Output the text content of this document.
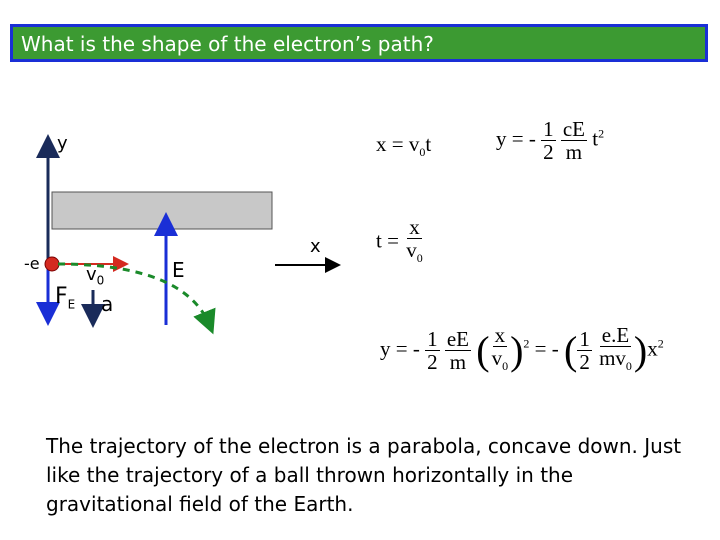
What is the shape of the electron’s path?
y
x
-e
$F_E$
$v_0$
a
E
$x = v_0t$	y = - $\frac{1}{2}$
$\frac{cE}{m} t^2$
$t = \frac{x}{v_0}$
y = - $\frac{1}{2}$
$\frac{eE}{m}$ ( $\frac{x}{v_0} )^2$ = - ( $\frac{1}{2}$
$\frac{e.E}{mv_0} )x^2$
The trajectory of the electron is a parabola, concave down. Just like the trajectory of a ball thrown horizontally in the gravitational field of the Earth.
